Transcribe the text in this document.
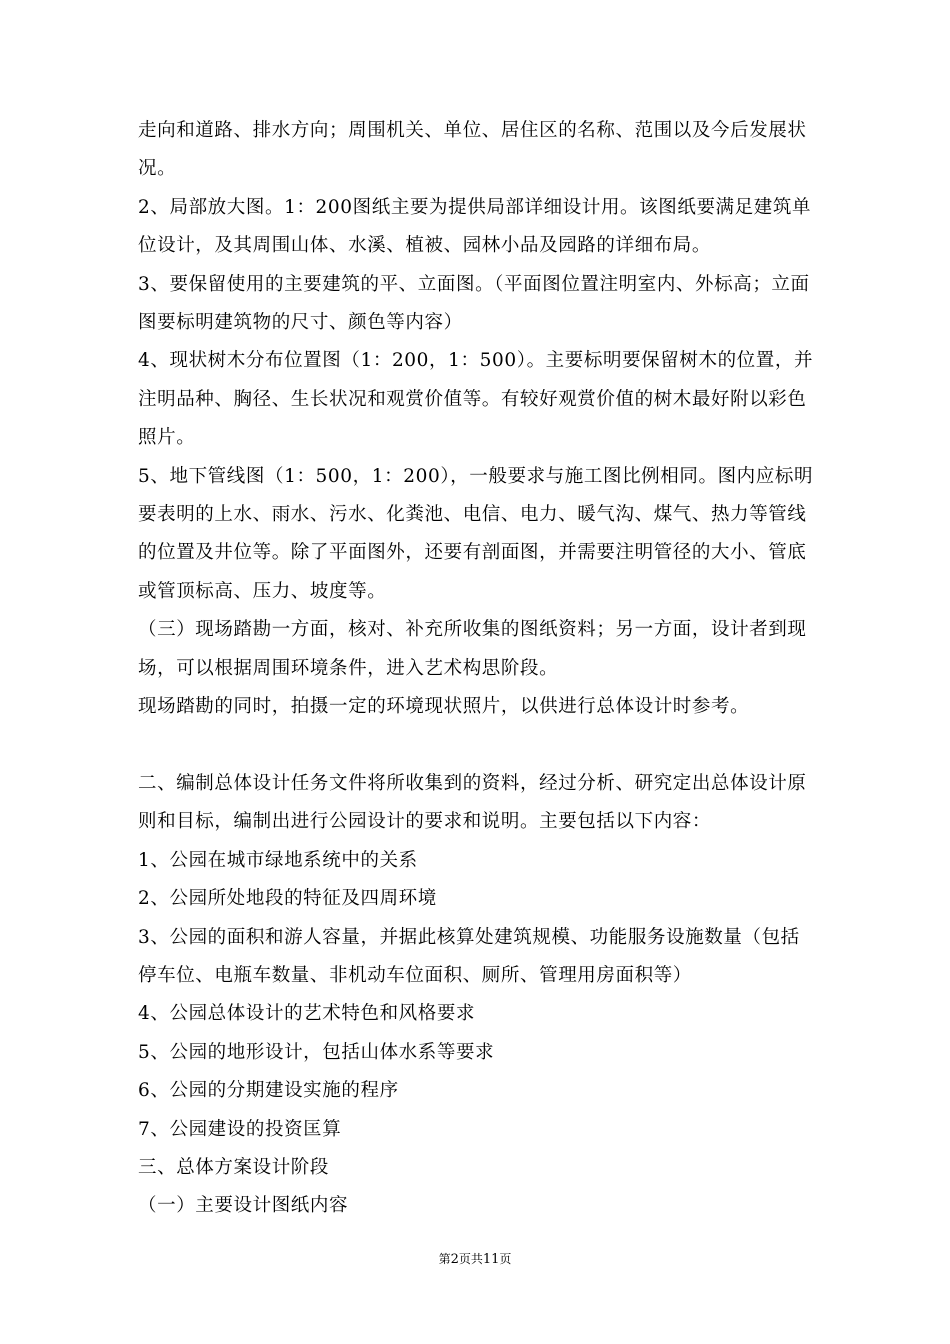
走向和道路、排水方向；周围机关、单位、居住区的名称、范围以及今后发展状况。

2、局部放大图。1：200图纸主要为提供局部详细设计用。该图纸要满足建筑单位设计，及其周围山体、水溪、植被、园林小品及园路的详细布局。

3、要保留使用的主要建筑的平、立面图。（平面图位置注明室内、外标高；立面图要标明建筑物的尺寸、颜色等内容）

4、现状树木分布位置图（1：200，1：500）。主要标明要保留树木的位置，并注明品种、胸径、生长状况和观赏价值等。有较好观赏价值的树木最好附以彩色照片。

5、地下管线图（1：500，1：200），一般要求与施工图比例相同。图内应标明要表明的上水、雨水、污水、化粪池、电信、电力、暖气沟、煤气、热力等管线的位置及井位等。除了平面图外，还要有剖面图，并需要注明管径的大小、管底或管顶标高、压力、坡度等。

（三）现场踏勘一方面，核对、补充所收集的图纸资料；另一方面，设计者到现场，可以根据周围环境条件，进入艺术构思阶段。

现场踏勘的同时，拍摄一定的环境现状照片，以供进行总体设计时参考。

二、编制总体设计任务文件将所收集到的资料，经过分析、研究定出总体设计原则和目标，编制出进行公园设计的要求和说明。主要包括以下内容：

1、公园在城市绿地系统中的关系

2、公园所处地段的特征及四周环境

3、公园的面积和游人容量，并据此核算处建筑规模、功能服务设施数量（包括停车位、电瓶车数量、非机动车位面积、厕所、管理用房面积等）

4、公园总体设计的艺术特色和风格要求

5、公园的地形设计，包括山体水系等要求

6、公园的分期建设实施的程序

7、公园建设的投资匡算

三、总体方案设计阶段

（一）主要设计图纸内容

第2页共11页
